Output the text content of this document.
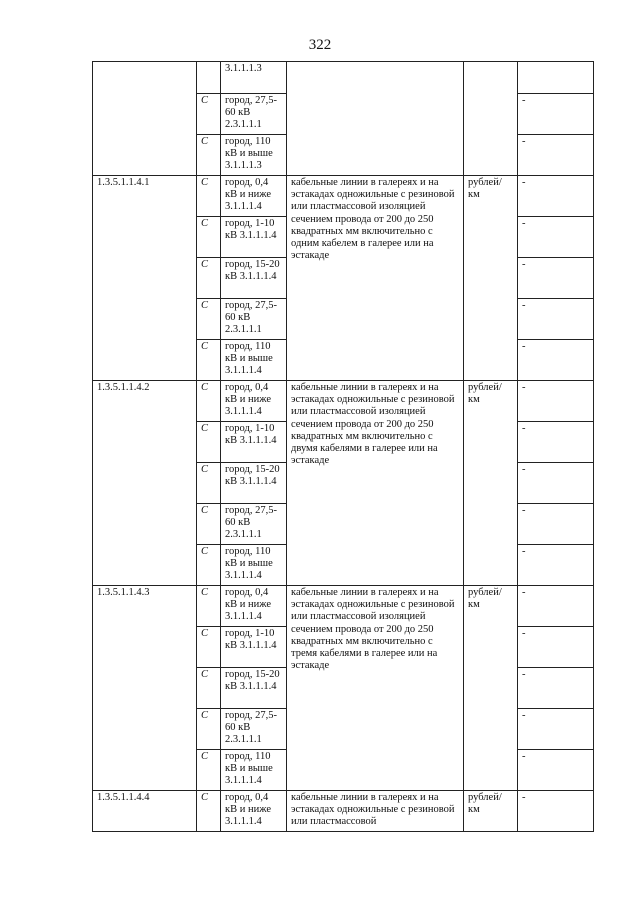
322

		3.1.1.1.3			

	С	город, 27,5-60 кВ 2.3.1.1.1			-
	С	город, 110 кВ и выше 3.1.1.1.3			-
1.3.5.1.1.4.1	С	город, 0,4 кВ и ниже 3.1.1.1.4	кабельные линии в галереях и на эстакадах одножильные с резиновой или пластмассовой изоляцией сечением провода от 200 до 250 квадратных мм включительно с одним кабелем в галерее или на эстакаде	рублей/ км	-
	С	город, 1-10 кВ 3.1.1.1.4			-
	С	город, 15-20 кВ 3.1.1.1.4			-
	С	город, 27,5-60 кВ 2.3.1.1.1			-
	С	город, 110 кВ и выше 3.1.1.1.4			-
1.3.5.1.1.4.2	С	город, 0,4 кВ и ниже 3.1.1.1.4	кабельные линии в галереях и на эстакадах одножильные с резиновой или пластмассовой изоляцией сечением провода от 200 до 250 квадратных мм включительно с двумя кабелями в галерее или на эстакаде	рублей/ км	-
	С	город, 1-10 кВ 3.1.1.1.4			-
	С	город, 15-20 кВ 3.1.1.1.4			-
	С	город, 27,5-60 кВ 2.3.1.1.1			-
	С	город, 110 кВ и выше 3.1.1.1.4			-
1.3.5.1.1.4.3	С	город, 0,4 кВ и ниже 3.1.1.1.4	кабельные линии в галереях и на эстакадах одножильные с резиновой или пластмассовой изоляцией сечением провода от 200 до 250 квадратных мм включительно с тремя кабелями в галерее или на эстакаде	рублей/ км	-
	С	город, 1-10 кВ 3.1.1.1.4			-
	С	город, 15-20 кВ 3.1.1.1.4			-
	С	город, 27,5-60 кВ 2.3.1.1.1			-
	С	город, 110 кВ и выше 3.1.1.1.4			-
1.3.5.1.1.4.4	С	город, 0,4 кВ и ниже 3.1.1.1.4	кабельные линии в галереях и на эстакадах одножильные с резиновой или пластмассовой	рублей/ км	-
